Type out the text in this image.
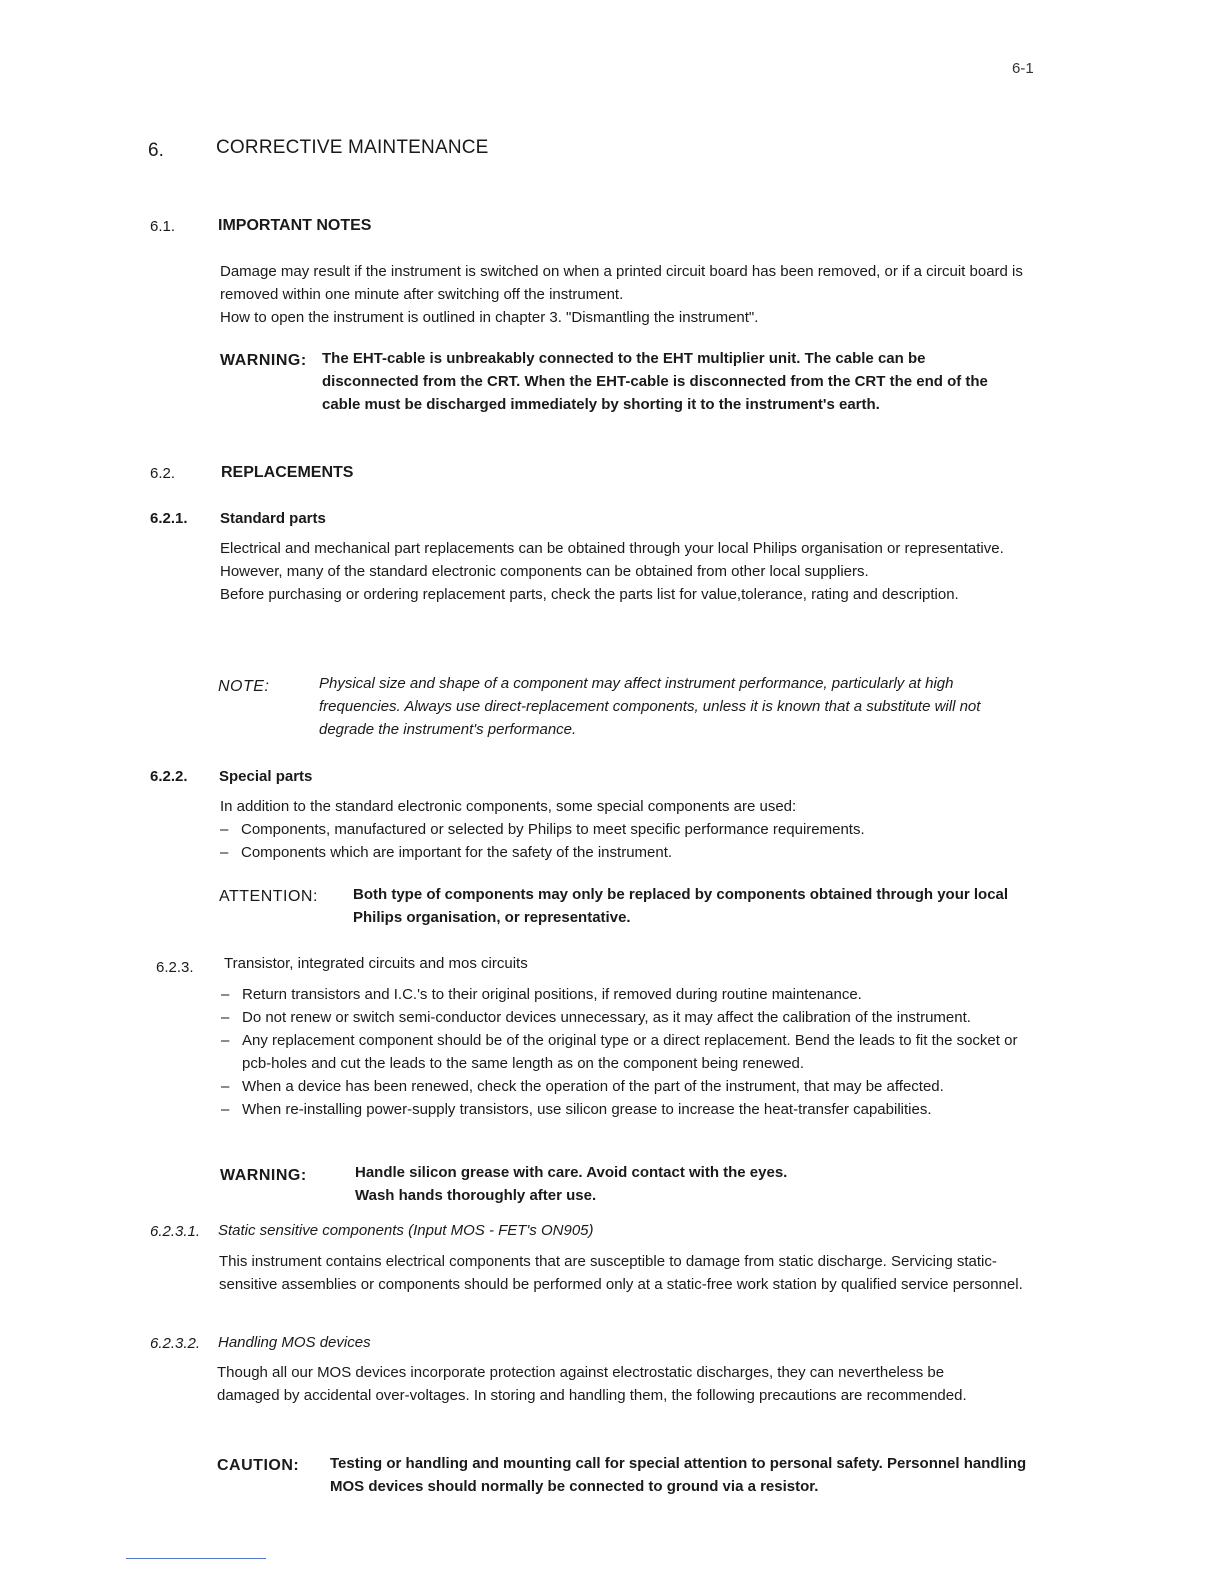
6-1
6.	CORRECTIVE MAINTENANCE
6.1.	IMPORTANT NOTES

Damage may result if the instrument is switched on when a printed circuit board has been removed, or if a circuit board is removed within one minute after switching off the instrument.

How to open the instrument is outlined in chapter 3. "Dismantling the instrument".

WARNING: The EHT-cable is unbreakably connected to the EHT multiplier unit. The cable can be disconnected from the CRT. When the EHT-cable is disconnected from the CRT the end of the cable must be discharged immediately by shorting it to the instrument's earth.
6.2.	REPLACEMENTS
6.2.1. Standard parts

Electrical and mechanical part replacements can be obtained through your local Philips organisation or representative. However, many of the standard electronic components can be obtained from other local suppliers.

Before purchasing or ordering replacement parts, check the parts list for value,tolerance, rating and description.

NOTE:	Physical size and shape of a component may affect instrument performance, particularly at high frequencies. Always use direct-replacement components, unless it is known that a substitute will not degrade the instrument's performance.
6.2.2. Special parts

In addition to the standard electronic components, some special components are used:

– Components, manufactured or selected by Philips to meet specific performance requirements.
– Components which are important for the safety of the instrument.
ATTENTION: Both type of components may only be replaced by components obtained through your local Philips organisation, or representative.
6.2.3. Transistor, integrated circuits and mos circuits
– Return transistors and I.C.'s to their original positions, if removed during routine maintenance.
– Do not renew or switch semi-conductor devices unnecessary, as it may affect the calibration of the instrument.
– Any replacement component should be of the original type or a direct replacement. Bend the leads to fit the socket or pcb-holes and cut the leads to the same length as on the component being renewed.
– When a device has been renewed, check the operation of the part of the instrument, that may be affected.
– When re-installing power-supply transistors, use silicon grease to increase the heat-transfer capabilities.
WARNING:	Handle silicon grease with care. Avoid contact with the eyes.
Wash hands thoroughly after use.
6.2.3.1. Static sensitive components (Input MOS - FET's ON905)
This instrument contains electrical components that are susceptible to damage from static discharge. Servicing static-sensitive assemblies or components should be performed only at a static-free work station by qualified service personnel.
6.2.3.2. Handling MOS devices
Though all our MOS devices incorporate protection against electrostatic discharges, they can nevertheless be damaged by accidental over-voltages. In storing and handling them, the following precautions are recommended.
CAUTION: Testing or handling and mounting call for special attention to personal safety. Personnel handling MOS devices should normally be connected to ground via a resistor.
